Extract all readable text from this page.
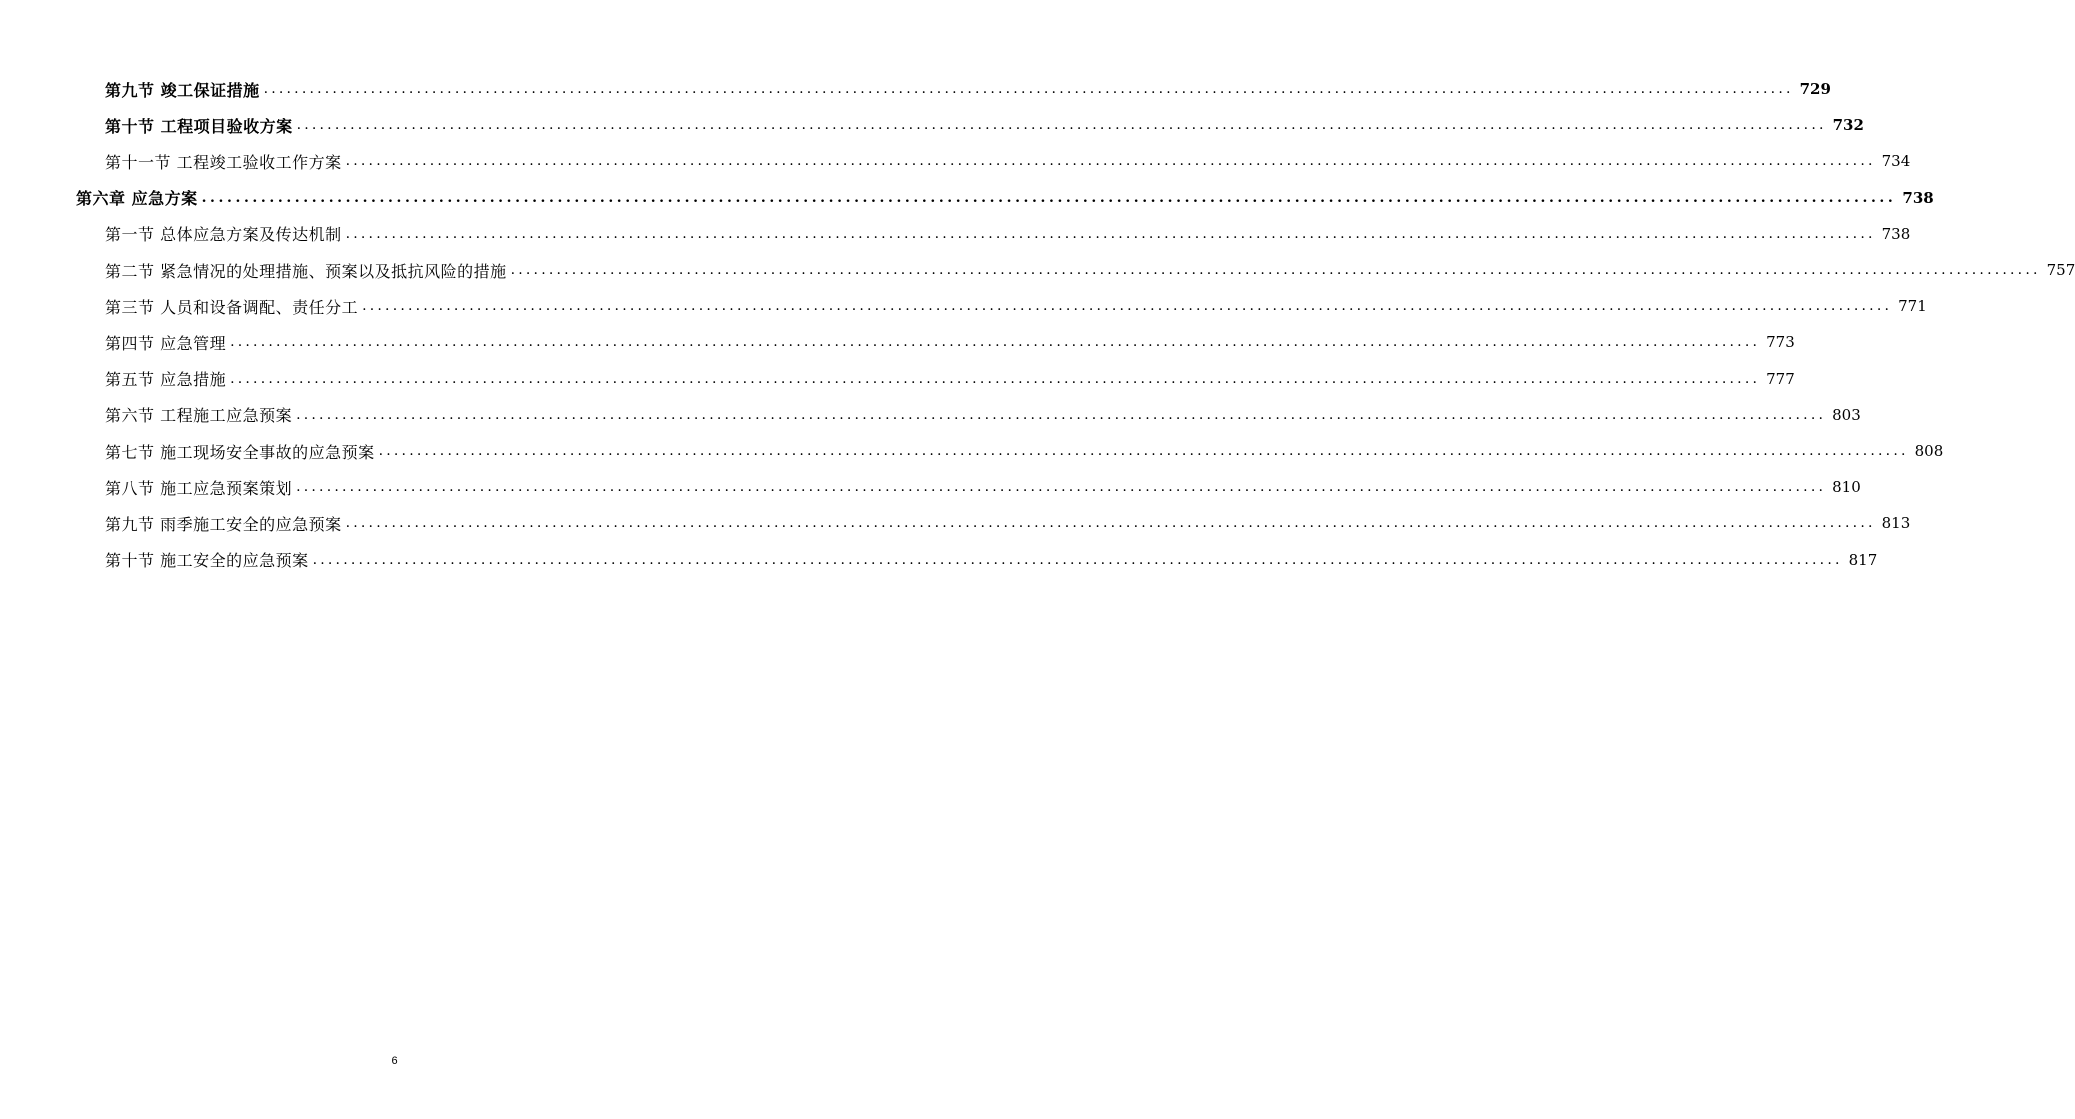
第九节 竣工保证措施 ........................................................................................................................................................................................................ 729
第十节 工程项目验收方案 ........................................................................................................................................................................................................ 732
第十一节 工程竣工验收工作方案 ........................................................................................................................................................................................................ 734
第六章 应急方案 ........................................................................................................................................................................................................ 738
第一节 总体应急方案及传达机制 ........................................................................................................................................................................................................ 738
第二节 紧急情况的处理措施、预案以及抵抗风险的措施 ........................................................................................................................................................................................................ 757
第三节 人员和设备调配、责任分工 ........................................................................................................................................................................................................ 771
第四节 应急管理 ........................................................................................................................................................................................................ 773
第五节 应急措施 ........................................................................................................................................................................................................ 777
第六节 工程施工应急预案 ........................................................................................................................................................................................................ 803
第七节 施工现场安全事故的应急预案 ........................................................................................................................................................................................................ 808
第八节 施工应急预案策划 ........................................................................................................................................................................................................ 810
第九节 雨季施工安全的应急预案 ........................................................................................................................................................................................................ 813
第十节 施工安全的应急预案 ........................................................................................................................................................................................................ 817
6
